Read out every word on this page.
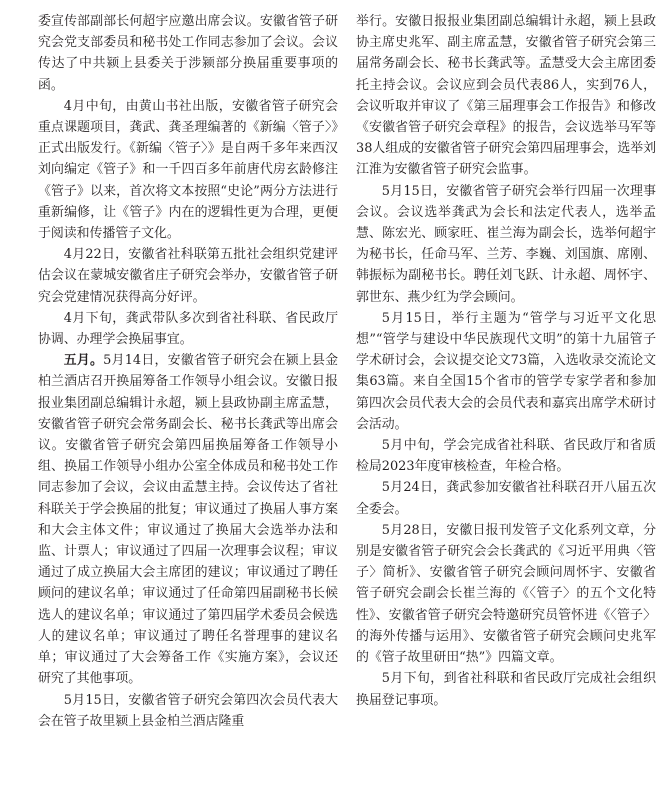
委宣传部副部长何超宇应邀出席会议。安徽省管子研究会党支部委员和秘书处工作同志参加了会议。会议传达了中共颍上县委关于涉颍部分换届重要事项的函。

4月中旬，由黄山书社出版，安徽省管子研究会重点课题项目，龚武、龚圣理编著的《新编〈管子〉》正式出版发行。《新编〈管子〉》是自两千多年来西汉刘向编定《管子》和一千四百多年前唐代房玄龄修注《管子》以来，首次将文本按照“史论”两分方法进行重新编修，让《管子》内在的逻辑性更为合理，更便于阅读和传播管子文化。

4月22日，安徽省社科联第五批社会组织党建评估会议在蒙城安徽省庄子研究会举办，安徽省管子研究会党建情况获得高分好评。

4月下旬，龚武带队多次到省社科联、省民政厅协调、办理学会换届事宜。

五月。5月14日，安徽省管子研究会在颍上县金柏兰酒店召开换届筹备工作领导小组会议。安徽日报报业集团副总编辑计永超，颍上县政协副主席孟慧，安徽省管子研究会常务副会长、秘书长龚武等出席会议。安徽省管子研究会第四届换届筹备工作领导小组、换届工作领导小组办公室全体成员和秘书处工作同志参加了会议，会议由孟慧主持。会议传达了省社科联关于学会换届的批复；审议通过了换届人事方案和大会主体文件；审议通过了换届大会选举办法和监、计票人；审议通过了四届一次理事会议程；审议通过了成立换届大会主席团的建议；审议通过了聘任顾问的建议名单；审议通过了任命第四届副秘书长候选人的建议名单；审议通过了第四届学术委员会候选人的建议名单；审议通过了聘任名誉理事的建议名单；审议通过了大会筹备工作《实施方案》，会议还研究了其他事项。

5月15日，安徽省管子研究会第四次会员代表大会在管子故里颍上县金柏兰酒店隆重

举行。安徽日报报业集团副总编辑计永超，颍上县政协主席史兆军、副主席孟慧，安徽省管子研究会第三届常务副会长、秘书长龚武等。孟慧受大会主席团委托主持会议。会议应到会员代表86人，实到76人，会议听取并审议了《第三届理事会工作报告》和修改《安徽省管子研究会章程》的报告，会议选举马军等38人组成的安徽省管子研究会第四届理事会，选举刘江淮为安徽省管子研究会监事。

5月15日，安徽省管子研究会举行四届一次理事会议。会议选举龚武为会长和法定代表人，选举孟慧、陈宏光、顾家旺、崔兰海为副会长，选举何超宇为秘书长，任命马军、兰芳、李巍、刘国旗、席刚、韩振标为副秘书长。聘任刘飞跃、计永超、周怀宇、郭世东、燕少红为学会顾问。

5月15日，举行主题为“管学与习近平文化思想”“管学与建设中华民族现代文明”的第十九届管子学术研讨会，会议提交论文73篇，入选收录交流论文集63篇。来自全国15个省市的管学专家学者和参加第四次会员代表大会的会员代表和嘉宾出席学术研讨会活动。

5月中旬，学会完成省社科联、省民政厅和省质检局2023年度审核检查，年检合格。

5月24日，龚武参加安徽省社科联召开八届五次全委会。

5月28日，安徽日报刊发管子文化系列文章，分别是安徽省管子研究会会长龚武的《习近平用典〈管子〉简析》、安徽省管子研究会顾问周怀宇、安徽省管子研究会副会长崔兰海的《〈管子〉的五个文化特性》、安徽省管子研究会特邀研究员管怀进《〈管子〉的海外传播与运用》、安徽省管子研究会顾问史兆军的《管子故里研田“热”》四篇文章。

5月下旬，到省社科联和省民政厅完成社会组织换届登记事项。
